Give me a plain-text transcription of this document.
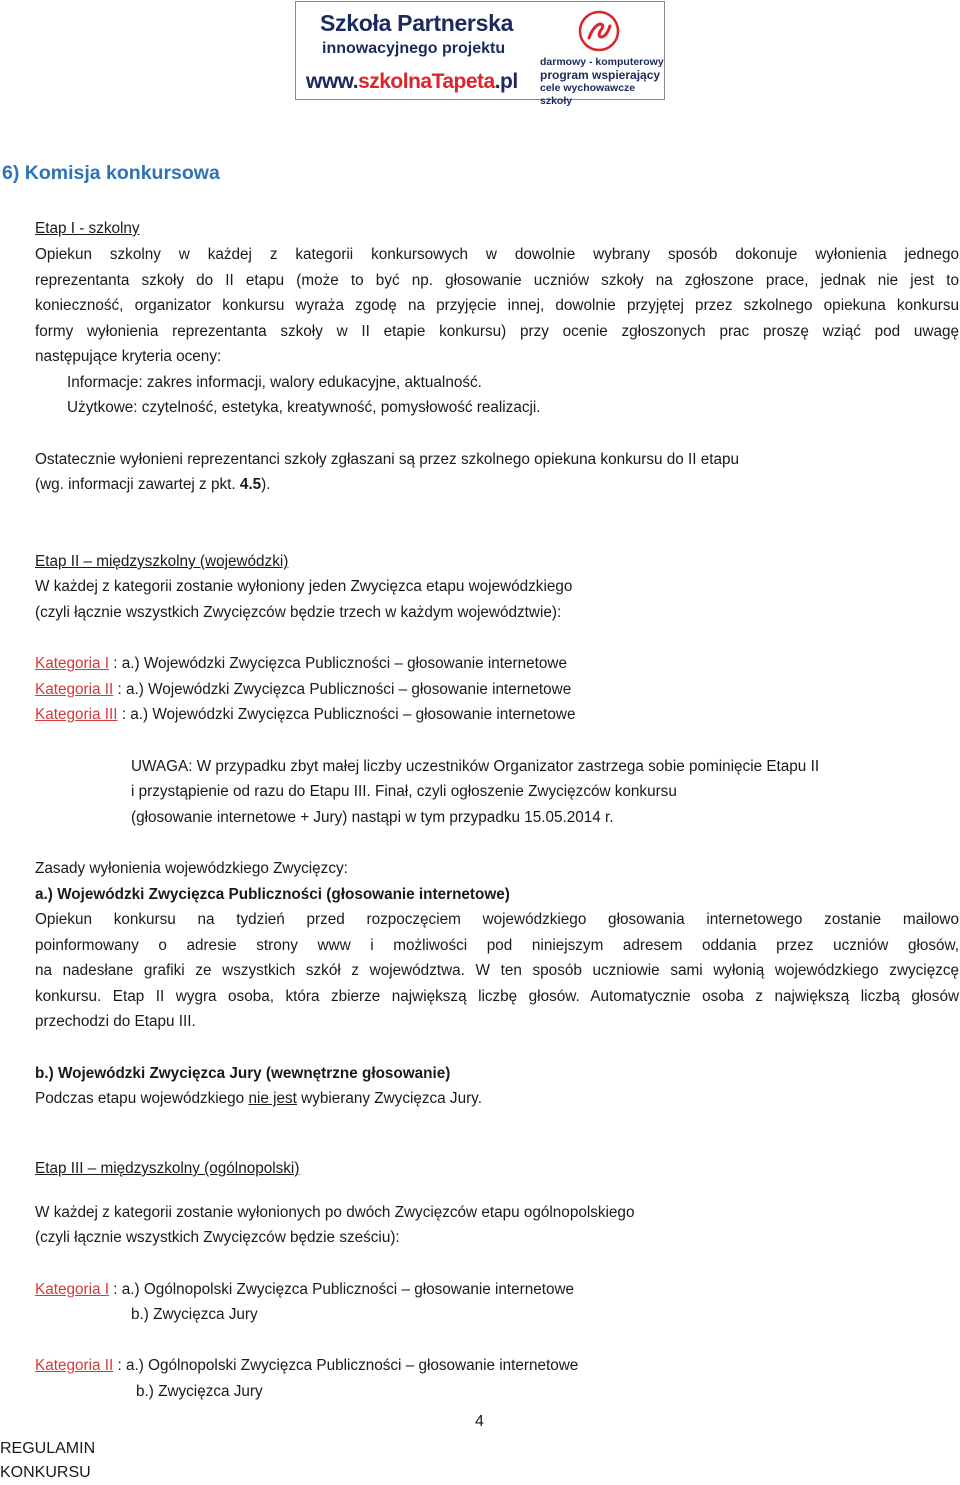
Szkoła Partnerska
innowacyjnego projektu
www.szkolnaTapeta.pl
darmowy - komputerowy
program wspierający
cele wychowawcze szkoły
6) Komisja konkursowa
Etap I - szkolny
Opiekun szkolny w każdej z kategorii konkursowych w dowolnie wybrany sposób dokonuje wyłonienia jednego
reprezentanta szkoły do II etapu (może to być np. głosowanie uczniów szkoły na zgłoszone prace, jednak nie jest to
konieczność, organizator konkursu wyraża zgodę na przyjęcie innej, dowolnie przyjętej przez szkolnego opiekuna konkursu
formy wyłonienia reprezentanta szkoły w II etapie konkursu) przy ocenie zgłoszonych prac proszę wziąć pod uwagę
następujące kryteria oceny:
Informacje: zakres informacji, walory edukacyjne, aktualność.
Użytkowe: czytelność, estetyka, kreatywność, pomysłowość realizacji.
Ostatecznie wyłonieni reprezentanci szkoły zgłaszani są przez szkolnego opiekuna konkursu do II etapu
(wg. informacji zawartej z pkt. 4.5).
Etap II – międzyszkolny (wojewódzki)
W każdej z kategorii zostanie wyłoniony jeden Zwycięzca etapu wojewódzkiego
(czyli łącznie wszystkich Zwycięzców będzie trzech w każdym województwie):
Kategoria I : a.) Wojewódzki Zwycięzca Publiczności – głosowanie internetowe
Kategoria II : a.) Wojewódzki Zwycięzca Publiczności – głosowanie internetowe
Kategoria III : a.) Wojewódzki Zwycięzca Publiczności – głosowanie internetowe
UWAGA: W przypadku zbyt małej liczby uczestników Organizator zastrzega sobie pominięcie Etapu II
i przystąpienie od razu do Etapu III. Finał, czyli ogłoszenie Zwycięzców konkursu
(głosowanie internetowe + Jury) nastąpi w tym przypadku 15.05.2014 r.
Zasady wyłonienia wojewódzkiego Zwycięzcy:
a.) Wojewódzki Zwycięzca Publiczności (głosowanie internetowe)
Opiekun konkursu na tydzień przed rozpoczęciem wojewódzkiego głosowania internetowego zostanie mailowo
poinformowany o adresie strony www i możliwości pod niniejszym adresem oddania przez uczniów głosów,
na nadesłane grafiki ze wszystkich szkół z województwa. W ten sposób uczniowie sami wyłonią wojewódzkiego zwycięzcę
konkursu. Etap II wygra osoba, która zbierze największą liczbę głosów. Automatycznie osoba z największą liczbą głosów
przechodzi do Etapu III.
b.) Wojewódzki Zwycięzca Jury (wewnętrzne głosowanie)
Podczas etapu wojewódzkiego nie jest wybierany Zwycięzca Jury.
Etap III – międzyszkolny (ogólnopolski)
W każdej z kategorii zostanie wyłonionych po dwóch Zwycięzców etapu ogólnopolskiego
(czyli łącznie wszystkich Zwycięzców będzie sześciu):
Kategoria I : a.) Ogólnopolski Zwycięzca Publiczności – głosowanie internetowe
b.) Zwycięzca Jury
Kategoria II : a.) Ogólnopolski Zwycięzca Publiczności – głosowanie internetowe
b.) Zwycięzca Jury
4
REGULAMIN
KONKURSU
